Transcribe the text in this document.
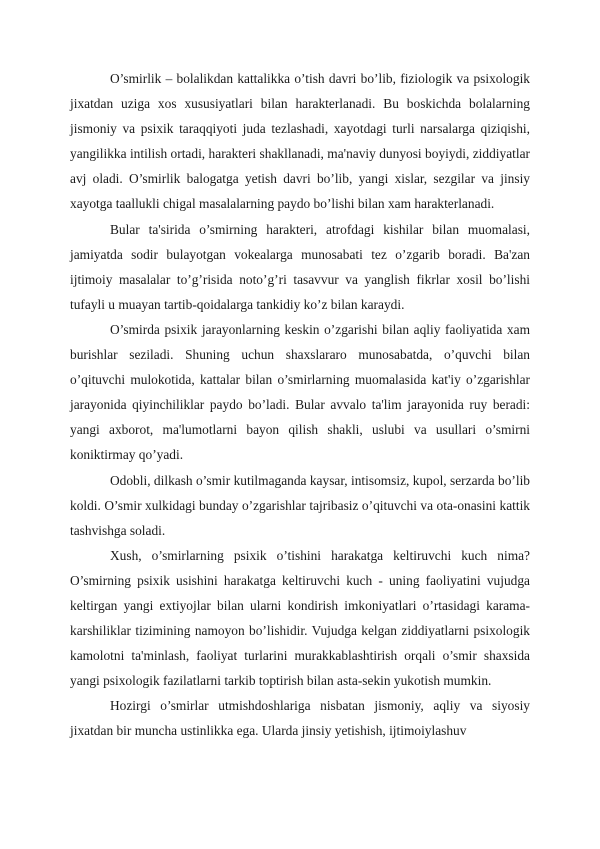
O’smirlik – bolalikdan kattalikka o’tish davri bo’lib, fiziologik va psixologik jixatdan uziga xos xususiyatlari bilan harakterlanadi. Bu boskichda bolalarning jismoniy va psixik taraqqiyoti juda tezlashadi, xayotdagi turli narsalarga qiziqishi, yangilikka intilish ortadi, harakteri shakllanadi, ma'naviy dunyosi boyiydi, ziddiyatlar avj oladi. O’smirlik balogatga yetish davri bo’lib, yangi xislar, sezgilar va jinsiy xayotga taallukli chigal masalalarning paydo bo’lishi bilan xam harakterlanadi.

Bular ta'sirida o’smirning harakteri, atrofdagi kishilar bilan muomalasi, jamiyatda sodir bulayotgan vokealarga munosabati tez o’zgarib boradi. Ba'zan ijtimoiy masalalar to’g’risida noto’g’ri tasavvur va yanglish fikrlar xosil bo’lishi tufayli u muayan tartib-qoidalarga tankidiy ko’z bilan karaydi.

O’smirda psixik jarayonlarning keskin o’zgarishi bilan aqliy faoliyatida xam burishlar seziladi. Shuning uchun shaxslararo munosabatda, o’quvchi bilan o’qituvchi mulokotida, kattalar bilan o’smirlarning muomalasida kat'iy o’zgarishlar jarayonida qiyinchiliklar paydo bo’ladi. Bular avvalo ta'lim jarayonida ruy beradi: yangi axborot, ma'lumotlarni bayon qilish shakli, uslubi va usullari o’smirni koniktirmay qo’yadi.

Odobli, dilkash o’smir kutilmaganda kaysar, intisomsiz, kupol, serzarda bo’lib koldi. O’smir xulkidagi bunday o’zgarishlar tajribasiz o’qituvchi va ota-onasini kattik tashvishga soladi.

Xush, o’smirlarning psixik o’tishini harakatga keltiruvchi kuch nima? O’smirning psixik usishini harakatga keltiruvchi kuch - uning faoliyatini vujudga keltirgan yangi extiyojlar bilan ularni kondirish imkoniyatlari o’rtasidagi karama-karshiliklar tizimining namoyon bo’lishidir. Vujudga kelgan ziddiyatlarni psixologik kamolotni ta'minlash, faoliyat turlarini murakkablashtirish orqali o’smir shaxsida yangi psixologik fazilatlarni tarkib toptirish bilan asta-sekin yukotish mumkin.

Hozirgi o’smirlar utmishdoshlariga nisbatan jismoniy, aqliy va siyosiy jixatdan bir muncha ustinlikka ega. Ularda jinsiy yetishish, ijtimoiylashuv
